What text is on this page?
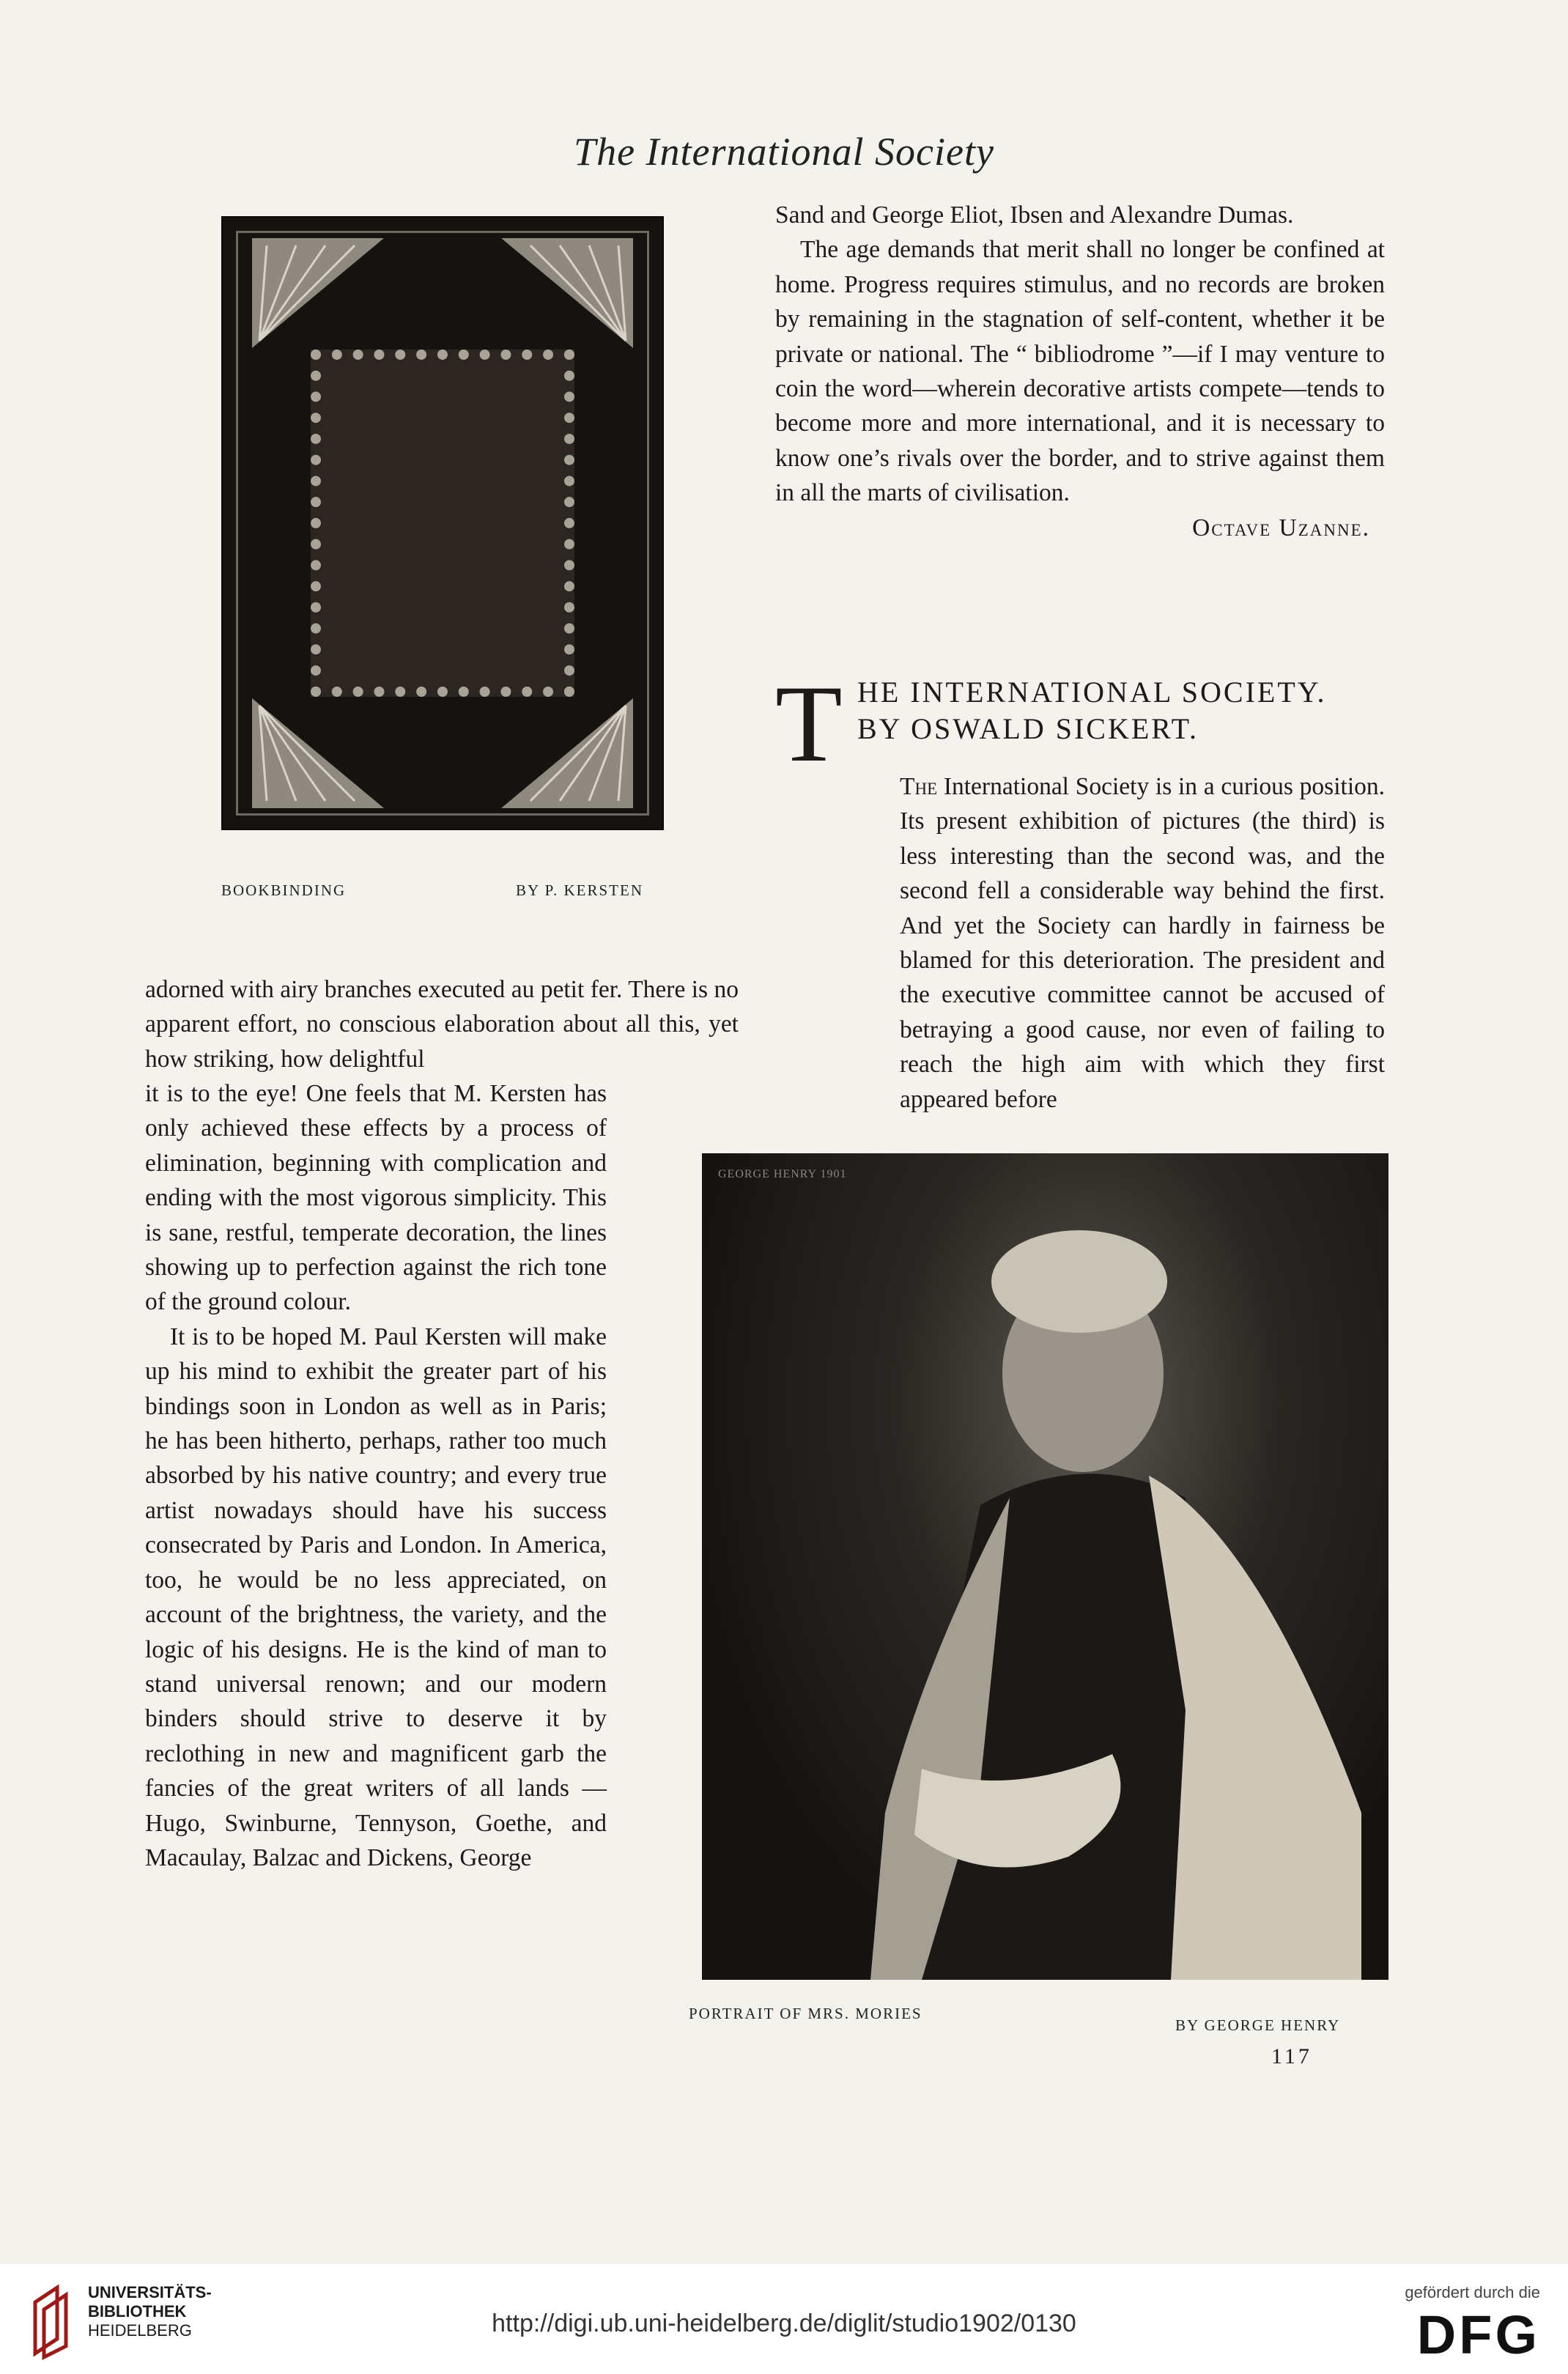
The International Society
BOOKBINDING	BY P. KERSTEN

Sand and George Eliot, Ibsen and Alexandre Dumas.

The age demands that merit shall no longer be confined at home. Progress requires stimulus, and no records are broken by remaining in the stagnation of self-content, whether it be private or national. The “ bibliodrome ”—if I may venture to coin the word—wherein decorative artists compete—tends to become more and more international, and it is necessary to know one’s rivals over the border, and to strive against them in all the marts of civilisation.

Octave Uzanne.

T HE INTERNATIONAL SOCIETY.
BY OSWALD SICKERT.

The International Society is in a curious position. Its present exhibition of pictures (the third) is less interesting than the second was, and the second fell a considerable way behind the first. And yet the Society can hardly in fairness be blamed for this deterioration. The president and the executive committee cannot be accused of betraying a good cause, nor even of failing to reach the high aim with which they first appeared before

adorned with airy branches executed au petit fer. There is no apparent effort, no conscious elaboration about all this, yet how striking, how delightful

it is to the eye! One feels that M. Kersten has only achieved these effects by a process of elimination, beginning with complication and ending with the most vigorous simplicity. This is sane, restful, temperate decoration, the lines showing up to perfection against the rich tone of the ground colour.

It is to be hoped M. Paul Kersten will make up his mind to exhibit the greater part of his bindings soon in London as well as in Paris; he has been hitherto, perhaps, rather too much absorbed by his native country; and every true artist nowadays should have his success consecrated by Paris and London. In America, too, he would be no less appreciated, on account of the brightness, the variety, and the logic of his designs. He is the kind of man to stand universal renown; and our modern binders should strive to deserve it by reclothing in new and magnificent garb the fancies of the great writers of all lands — Hugo, Swinburne, Tennyson, Goethe, and Macaulay, Balzac and Dickens, George

GEORGE HENRY 1901
PORTRAIT OF MRS. MORIES
BY GEORGE HENRY
117
UNIVERSITÄTS-
BIBLIOTHEK
HEIDELBERG	http://digi.ub.uni-heidelberg.de/diglit/studio1902/0130
gefördert durch die
DFG
